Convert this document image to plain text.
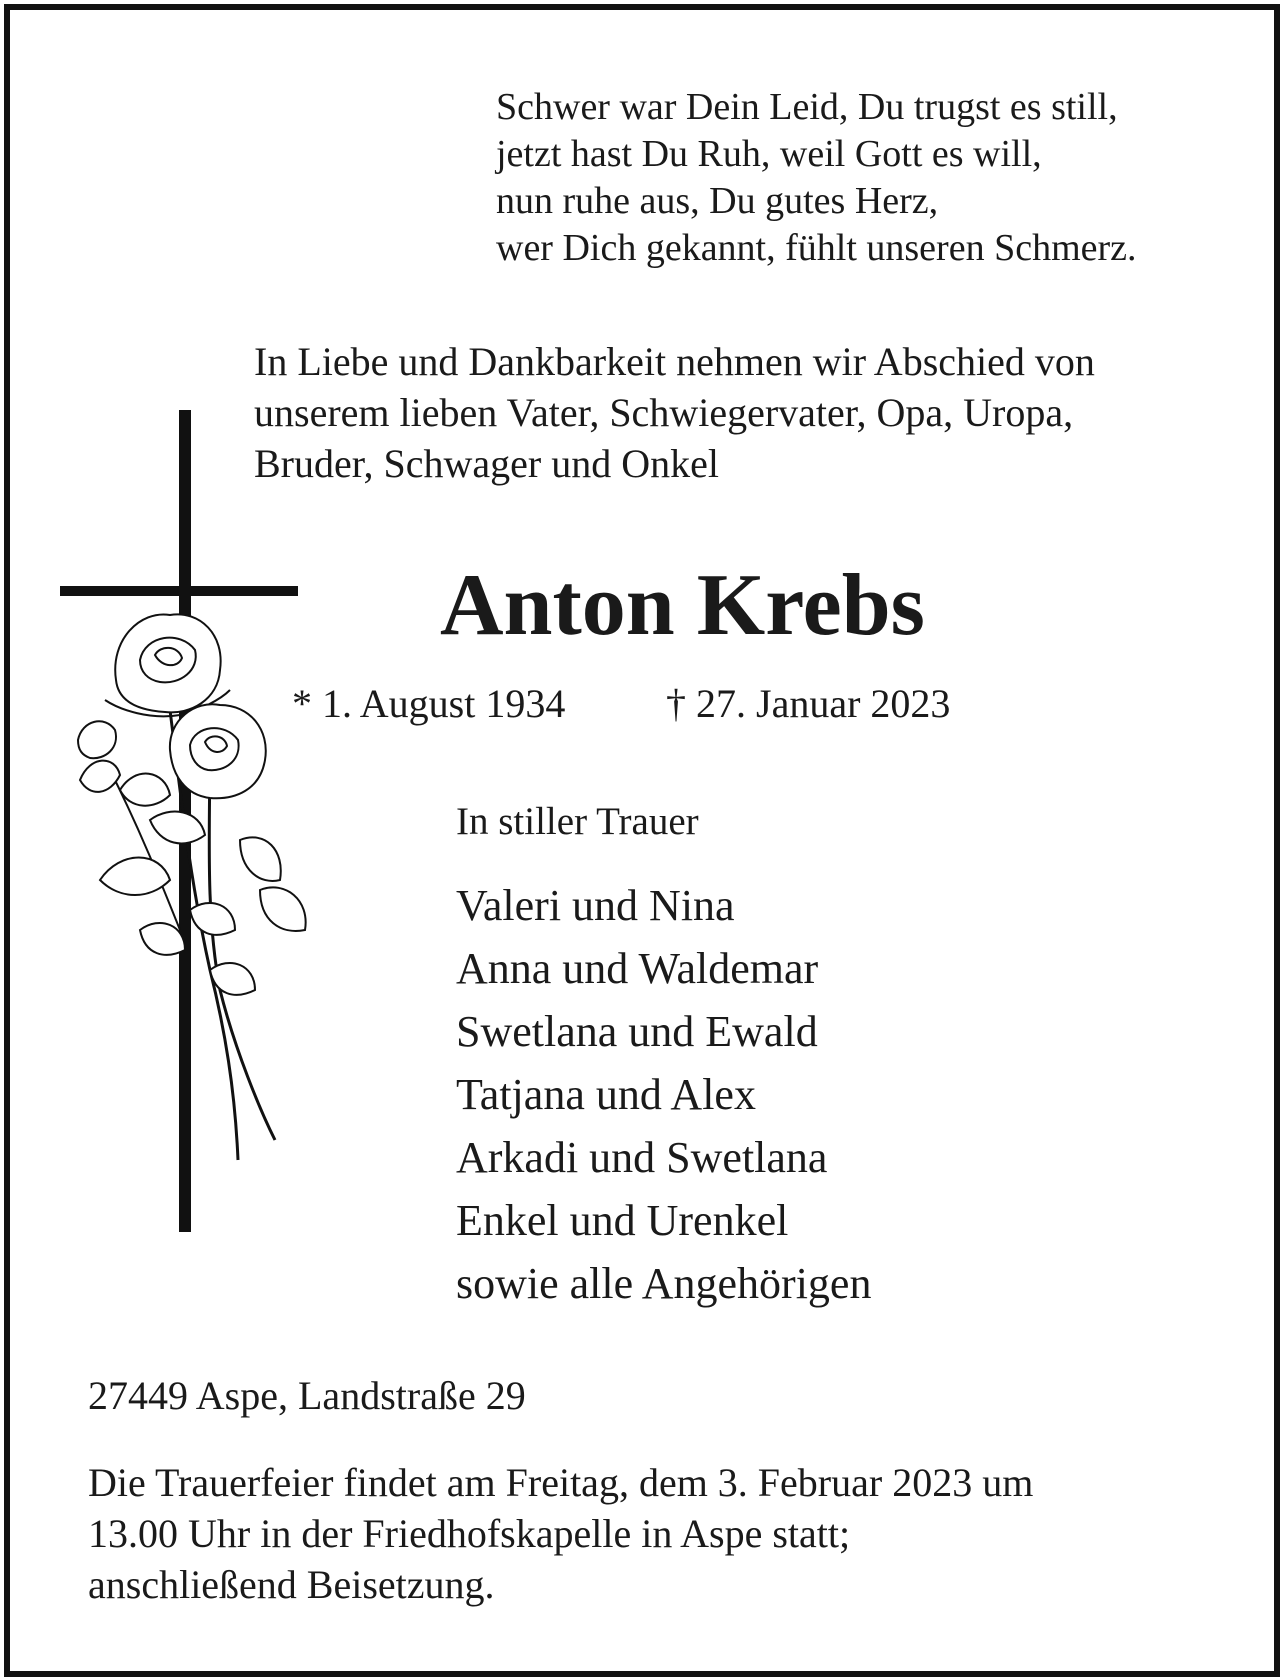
Schwer war Dein Leid, Du trugst es still,
jetzt hast Du Ruh, weil Gott es will,
nun ruhe aus, Du gutes Herz,
wer Dich gekannt, fühlt unseren Schmerz.
In Liebe und Dankbarkeit nehmen wir Abschied von
unserem lieben Vater, Schwiegervater, Opa, Uropa,
Bruder, Schwager und Onkel
Anton Krebs
* 1. August 1934	† 27. Januar 2023
In stiller Trauer
Valeri und Nina
Anna und Waldemar
Swetlana und Ewald
Tatjana und Alex
Arkadi und Swetlana
Enkel und Urenkel
sowie alle Angehörigen
27449 Aspe, Landstraße 29
Die Trauerfeier findet am Freitag, dem 3. Februar 2023 um
13.00 Uhr in der Friedhofskapelle in Aspe statt;
anschließend Beisetzung.
